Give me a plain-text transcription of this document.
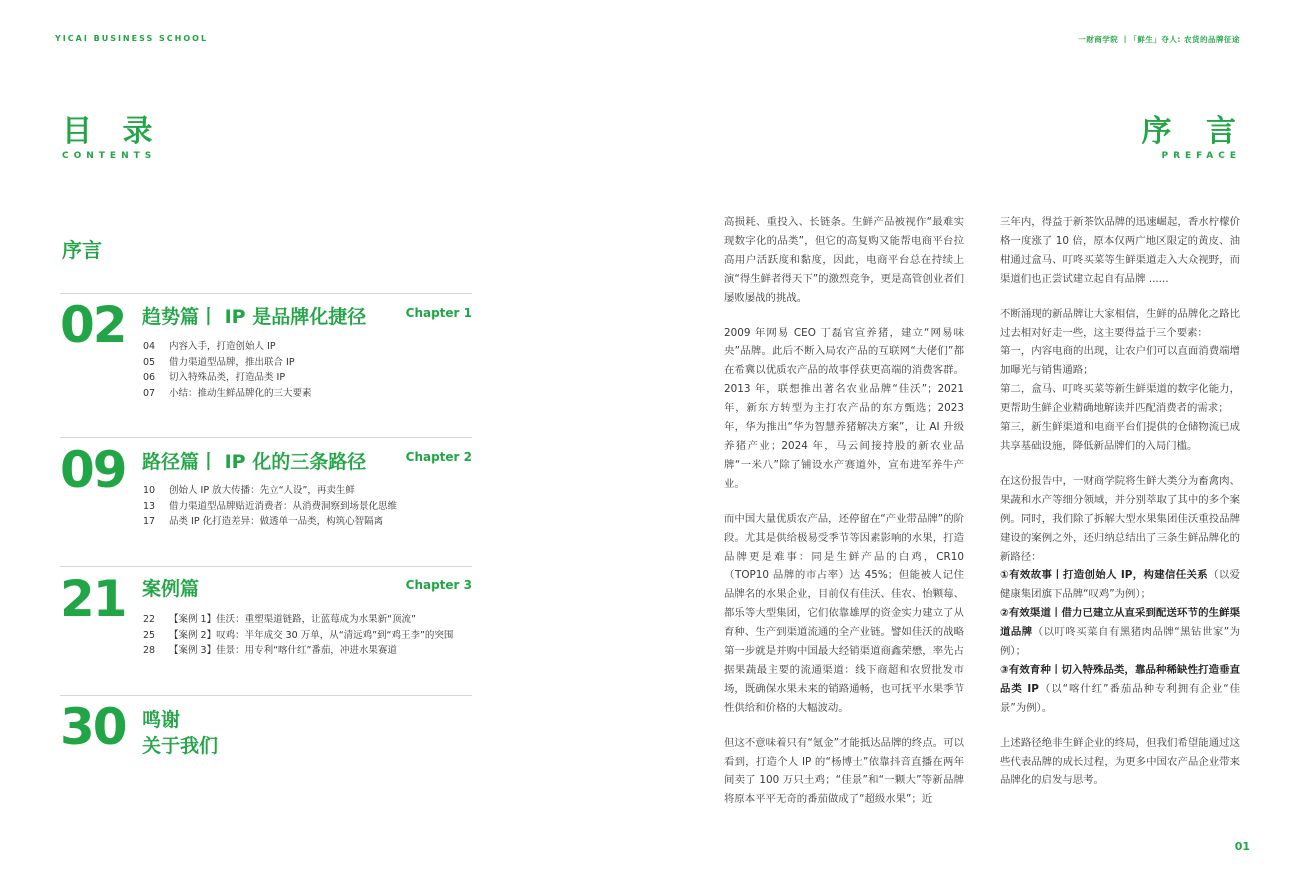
YICAI BUSINESS SCHOOL	一财商学院 丨「鲜生」夺人: 农货的品牌征途
目 录
CONTENTS
序 言
PREFACE
序言
02 趋势篇丨 IP 是品牌化捷径	Chapter 1
04 内容入手，打造创始人 IP
05 借力渠道型品牌，推出联合 IP
06 切入特殊品类，打造品类 IP
07 小结：推动生鲜品牌化的三大要素
09 路径篇丨 IP 化的三条路径	Chapter 2
10 创始人 IP 放大传播：先立“人设”，再卖生鲜
13 借力渠道型品牌贴近消费者：从消费洞察到场景化思维
17 品类 IP 化打造差异：做透单一品类，构筑心智隔离
21 案例篇	Chapter 3
22 【案例 1】佳沃：重塑渠道链路，让蓝莓成为水果新“顶流”
25 【案例 2】叹鸡：半年成交 30 万单，从“清远鸡”到“鸡王李”的突围
28 【案例 3】佳景：用专利“喀什红”番茄，冲进水果赛道
30 鸣谢
关于我们

高损耗、重投入、长链条。生鲜产品被视作“最难实现数字化的品类”，但它的高复购又能帮电商平台拉高用户活跃度和黏度，因此，电商平台总在持续上演“得生鲜者得天下”的激烈竞争，更是高管创业者们屡败屡战的挑战。

2009 年网易 CEO 丁磊官宣养猪，建立“网易味央”品牌。此后不断入局农产品的互联网“大佬们”都在希冀以优质农产品的故事俘获更高端的消费客群。2013 年，联想推出著名农业品牌“佳沃”；2021 年，新东方转型为主打农产品的东方甄选；2023 年，华为推出“华为智慧养猪解决方案”，让 AI 升级养猪产业；2024 年，马云间接持股的新农业品牌“一米八”除了铺设水产赛道外，宣布进军养牛产业。

而中国大量优质农产品，还停留在“产业带品牌”的阶段。尤其是供给极易受季节等因素影响的水果，打造品牌更是难事：同是生鲜产品的白鸡，CR10（TOP10 品牌的市占率）达 45%；但能被人记住品牌名的水果企业，目前仅有佳沃、佳农、怡颗莓、都乐等大型集团，它们依靠雄厚的资金实力建立了从育种、生产到渠道流通的全产业链。譬如佳沃的战略第一步就是并购中国最大经销渠道商鑫荣懋，率先占据果蔬最主要的流通渠道：线下商超和农贸批发市场，既确保水果未来的销路通畅，也可抚平水果季节性供给和价格的大幅波动。

但这不意味着只有“氪金”才能抵达品牌的终点。可以看到，打造个人 IP 的“杨博士”依靠抖音直播在两年间卖了 100 万只土鸡；“佳景”和“一颗大”等新品牌将原本平平无奇的番茄做成了“超级水果”；近

三年内，得益于新茶饮品牌的迅速崛起，香水柠檬价格一度涨了 10 倍，原本仅两广地区限定的黄皮、油柑通过盒马、叮咚买菜等生鲜渠道走入大众视野，而渠道们也正尝试建立起自有品牌 ......

不断涌现的新品牌让大家相信，生鲜的品牌化之路比过去相对好走一些，这主要得益于三个要素：
第一，内容电商的出现，让农户们可以直面消费端增加曝光与销售通路；
第二，盒马、叮咚买菜等新生鲜渠道的数字化能力，更帮助生鲜企业精确地解读并匹配消费者的需求；
第三，新生鲜渠道和电商平台们提供的仓储物流已成共享基础设施，降低新品牌们的入局门槛。

在这份报告中，一财商学院将生鲜大类分为畜禽肉、果蔬和水产等细分领域，并分别萃取了其中的多个案例。同时，我们除了拆解大型水果集团佳沃重投品牌建设的案例之外，还归纳总结出了三条生鲜品牌化的新路径：
①有效故事丨打造创始人 IP，构建信任关系（以爱健康集团旗下品牌“叹鸡”为例）；
②有效渠道丨借力已建立从直采到配送环节的生鲜渠道品牌（以叮咚买菜自有黑猪肉品牌“黑钻世家”为例）；
③有效育种丨切入特殊品类，靠品种稀缺性打造垂直品类 IP（以“喀什红”番茄品种专利拥有企业“佳景”为例）。

上述路径绝非生鲜企业的终局，但我们希望能通过这些代表品牌的成长过程，为更多中国农产品企业带来品牌化的启发与思考。

01
